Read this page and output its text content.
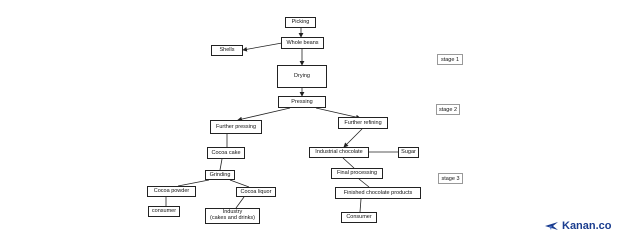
Picking
Whole beans
Shells
Drying
Pressing
Further pressing
Further refining
Cocoa cake	Industrial chocolate	Sugar
Grinding	Final processing
Cocoa powder	Cocoa liquor	Finished chocolate products
consumer	Industry
(cakes and drinks)	Consumer
stage 1
stage 2
stage 3
Kanan.co
